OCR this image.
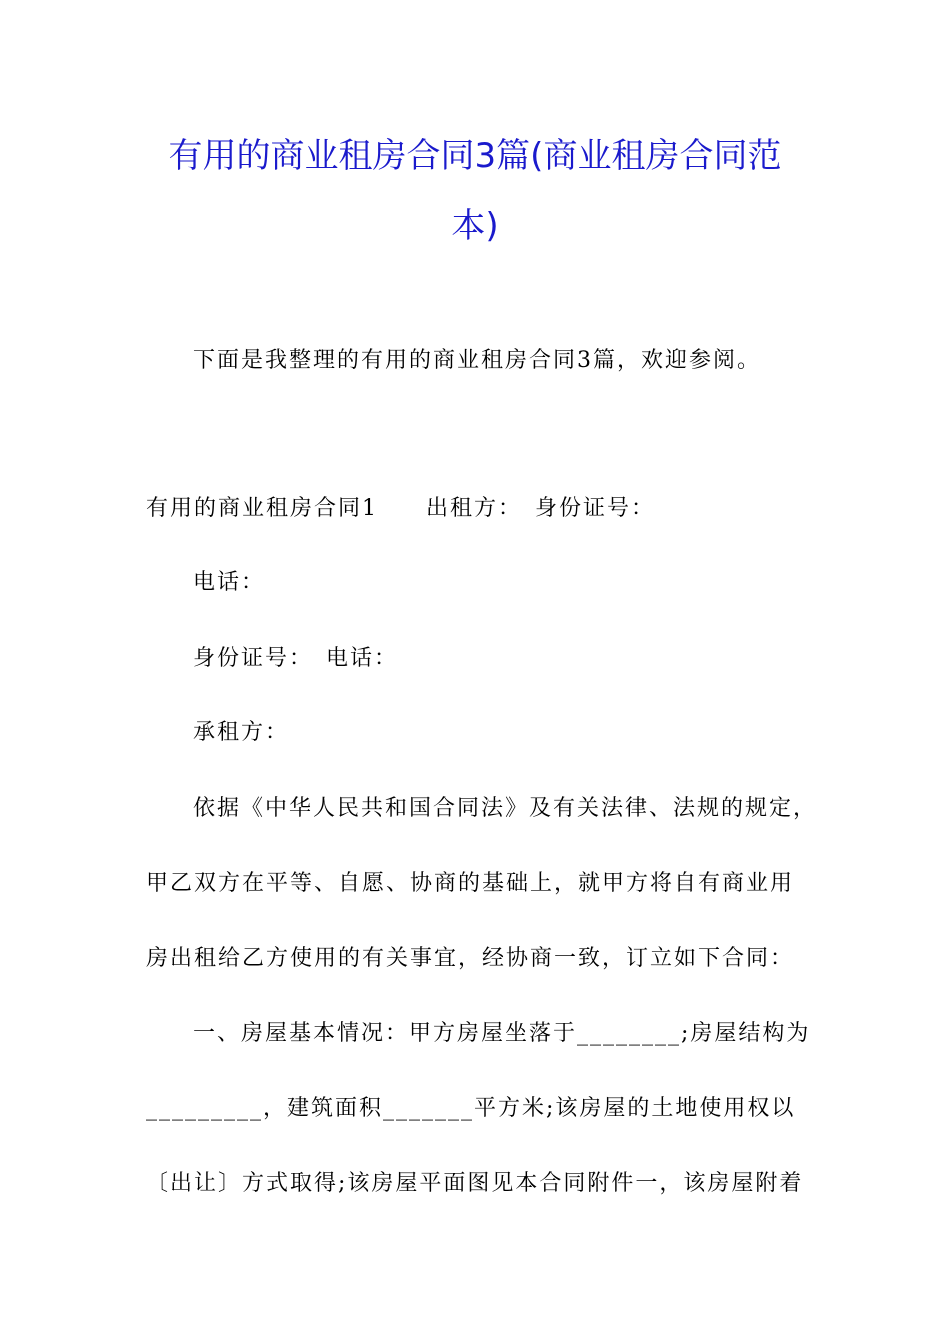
有用的商业租房合同3篇(商业租房合同范
本)
下面是我整理的有用的商业租房合同3篇，欢迎参阅。
有用的商业租房合同1　　出租方：　身份证号：
电话：
身份证号：　电话：
承租方：
依据《中华人民共和国合同法》及有关法律、法规的规定，
甲乙双方在平等、自愿、协商的基础上，就甲方将自有商业用
房出租给乙方使用的有关事宜，经协商一致，订立如下合同：
一、房屋基本情况：甲方房屋坐落于________;房屋结构为
_________，建筑面积_______平方米;该房屋的土地使用权以
〔出让〕方式取得;该房屋平面图见本合同附件一，该房屋附着
